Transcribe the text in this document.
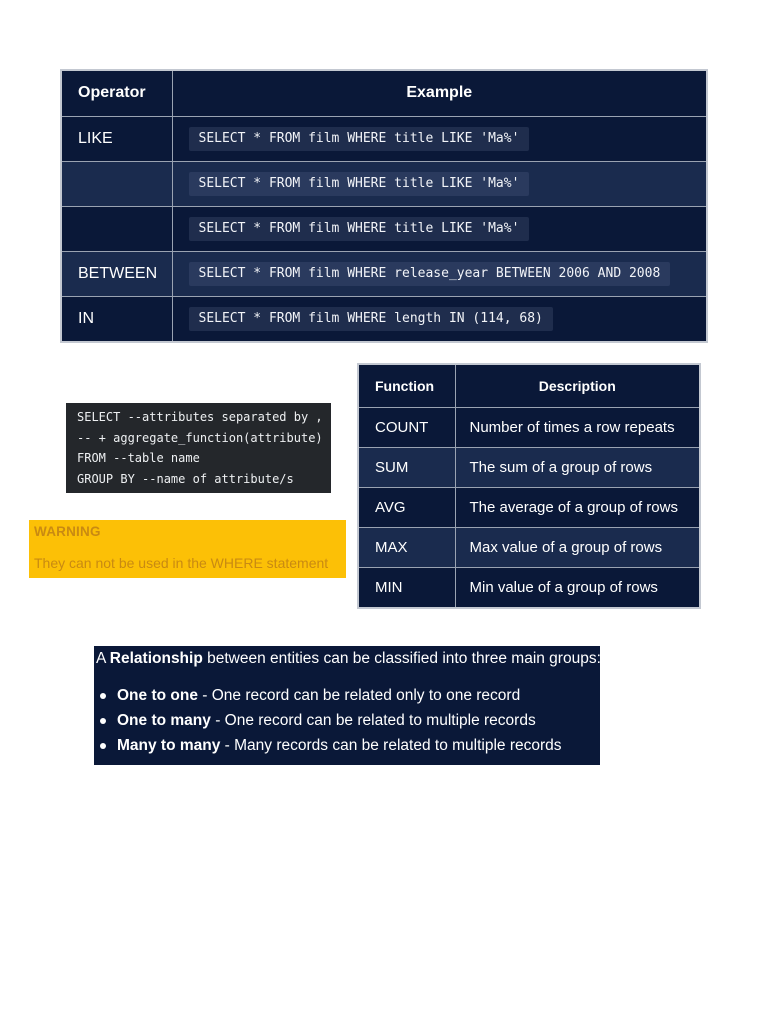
Operator	Example
LIKE	SELECT * FROM film WHERE title LIKE 'Ma%'
	SELECT * FROM film WHERE title LIKE 'Ma%'
	SELECT * FROM film WHERE title LIKE 'Ma%'
BETWEEN	SELECT * FROM film WHERE release_year BETWEEN 2006 AND 2008
IN	SELECT * FROM film WHERE length IN (114, 68)
SELECT --attributes separated by ,
-- + aggregate_function(attribute)
FROM --table name
GROUP BY --name of attribute/s
WARNING
They can not be used in the WHERE statement
Function	Description
COUNT	Number of times a row repeats
SUM	The sum of a group of rows
AVG	The average of a group of rows
MAX	Max value of a group of rows
MIN	Min value of a group of rows
A Relationship between entities can be classified into three main groups:
One to one
- One record can be related only to one record
One to many
- One record can be related to multiple records
Many to many
- Many records can be related to multiple records
